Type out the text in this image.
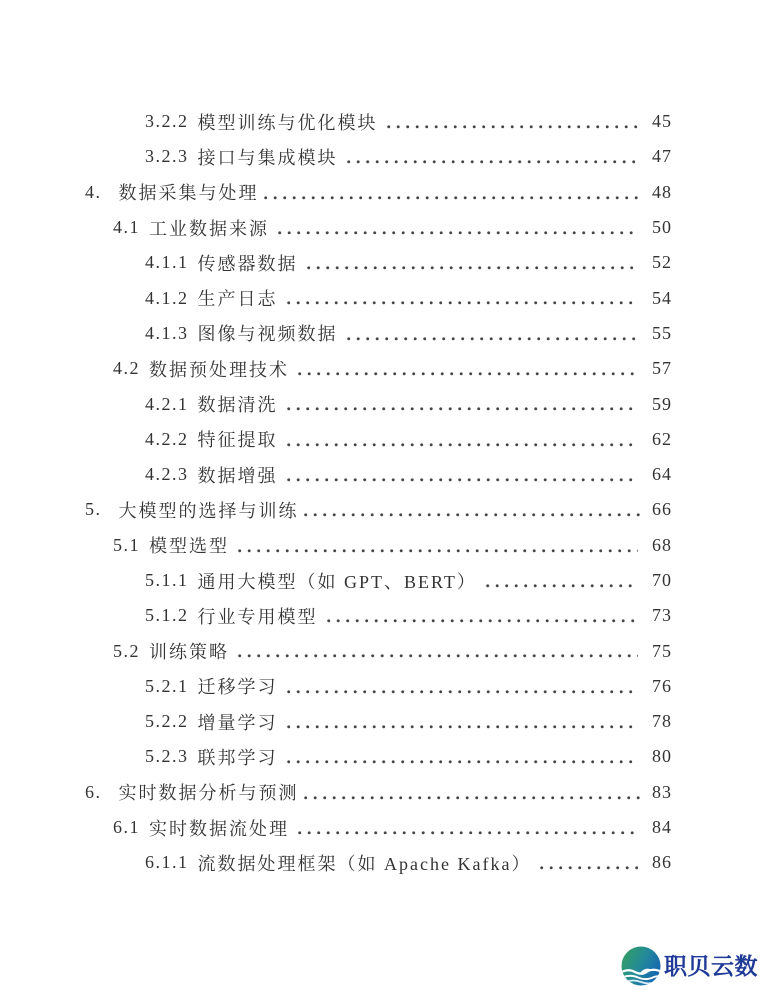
3.2.2 模型训练与优化模块	45
3.2.3 接口与集成模块	47
4. 数据采集与处理	48
4.1 工业数据来源	50
4.1.1 传感器数据	52
4.1.2 生产日志	54
4.1.3 图像与视频数据	55
4.2 数据预处理技术	57
4.2.1 数据清洗	59
4.2.2 特征提取	62
4.2.3 数据增强	64
5. 大模型的选择与训练	66
5.1 模型选型	68
5.1.1 通用大模型（如 GPT、BERT）	70
5.1.2 行业专用模型	73
5.2 训练策略	75
5.2.1 迁移学习	76
5.2.2 增量学习	78
5.2.3 联邦学习	80
6. 实时数据分析与预测	83
6.1 实时数据流处理	84
6.1.1 流数据处理框架（如 Apache Kafka）	86
职贝云数
